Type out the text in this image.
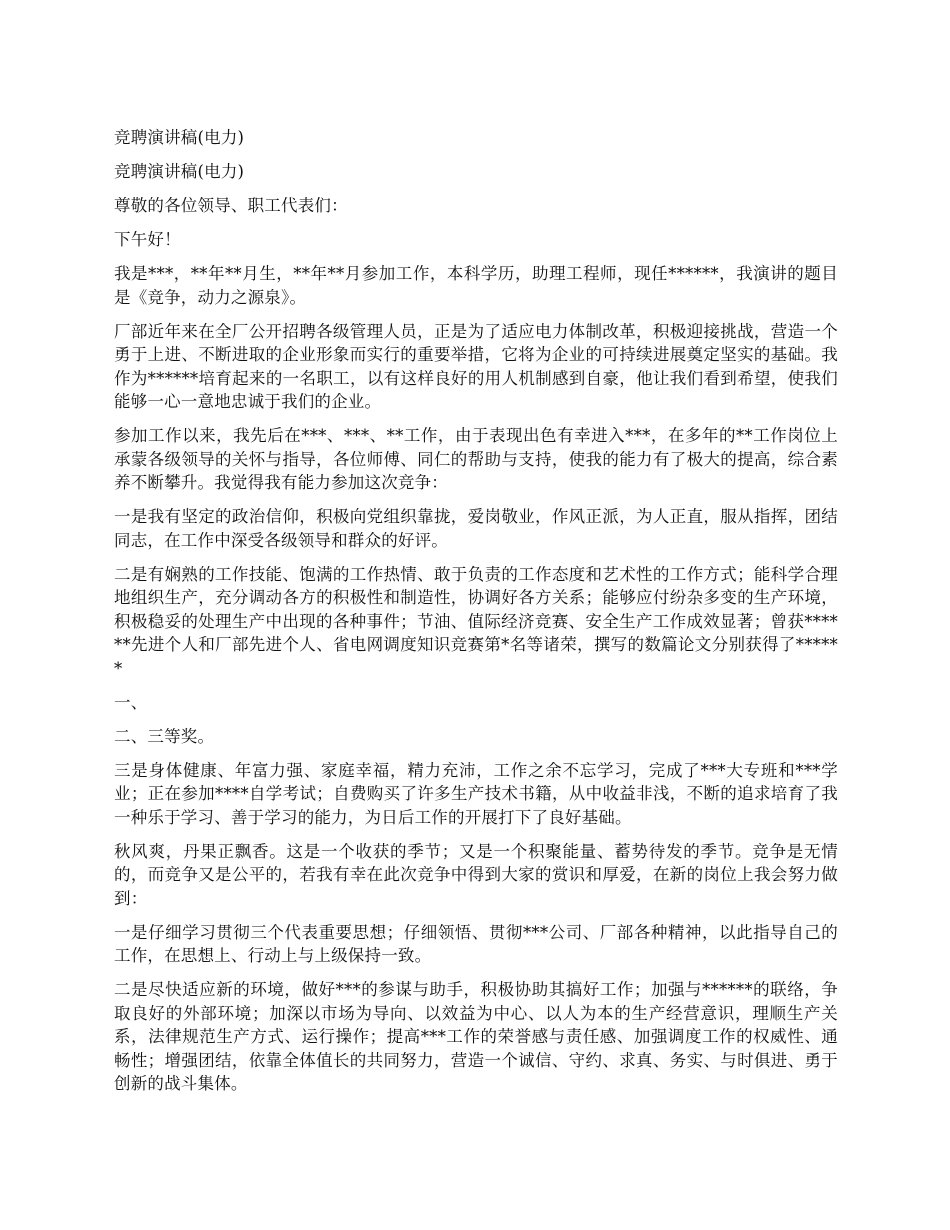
竞聘演讲稿(电力)

竞聘演讲稿(电力)

尊敬的各位领导、职工代表们：

下午好！

我是***，**年**月生，**年**月参加工作，本科学历，助理工程师，现任******，我演讲的题目是《竞争，动力之源泉》。

厂部近年来在全厂公开招聘各级管理人员，正是为了适应电力体制改革，积极迎接挑战，营造一个勇于上进、不断进取的企业形象而实行的重要举措，它将为企业的可持续进展奠定坚实的基础。我作为******培育起来的一名职工，以有这样良好的用人机制感到自豪，他让我们看到希望，使我们能够一心一意地忠诚于我们的企业。

参加工作以来，我先后在***、***、**工作，由于表现出色有幸进入***，在多年的**工作岗位上承蒙各级领导的关怀与指导，各位师傅、同仁的帮助与支持，使我的能力有了极大的提高，综合素养不断攀升。我觉得我有能力参加这次竞争：

一是我有坚定的政治信仰，积极向党组织靠拢，爱岗敬业，作风正派，为人正直，服从指挥，团结同志，在工作中深受各级领导和群众的好评。

二是有娴熟的工作技能、饱满的工作热情、敢于负责的工作态度和艺术性的工作方式；能科学合理地组织生产，充分调动各方的积极性和制造性，协调好各方关系；能够应付纷杂多变的生产环境，积极稳妥的处理生产中出现的各种事件；节油、值际经济竞赛、安全生产工作成效显著；曾获******先进个人和厂部先进个人、省电网调度知识竞赛第*名等诸荣，撰写的数篇论文分别获得了******

一、

二、三等奖。

三是身体健康、年富力强、家庭幸福，精力充沛，工作之余不忘学习，完成了***大专班和***学业；正在参加****自学考试；自费购买了许多生产技术书籍，从中收益非浅，不断的追求培育了我一种乐于学习、善于学习的能力，为日后工作的开展打下了良好基础。

秋风爽，丹果正飘香。这是一个收获的季节；又是一个积聚能量、蓄势待发的季节。竞争是无情的，而竞争又是公平的，若我有幸在此次竞争中得到大家的赏识和厚爱，在新的岗位上我会努力做到：

一是仔细学习贯彻三个代表重要思想；仔细领悟、贯彻***公司、厂部各种精神，以此指导自己的工作，在思想上、行动上与上级保持一致。

二是尽快适应新的环境，做好***的参谋与助手，积极协助其搞好工作；加强与******的联络，争取良好的外部环境；加深以市场为导向、以效益为中心、以人为本的生产经营意识，理顺生产关系，法律规范生产方式、运行操作；提高***工作的荣誉感与责任感、加强调度工作的权威性、通畅性；增强团结，依靠全体值长的共同努力，营造一个诚信、守约、求真、务实、与时俱进、勇于创新的战斗集体。
